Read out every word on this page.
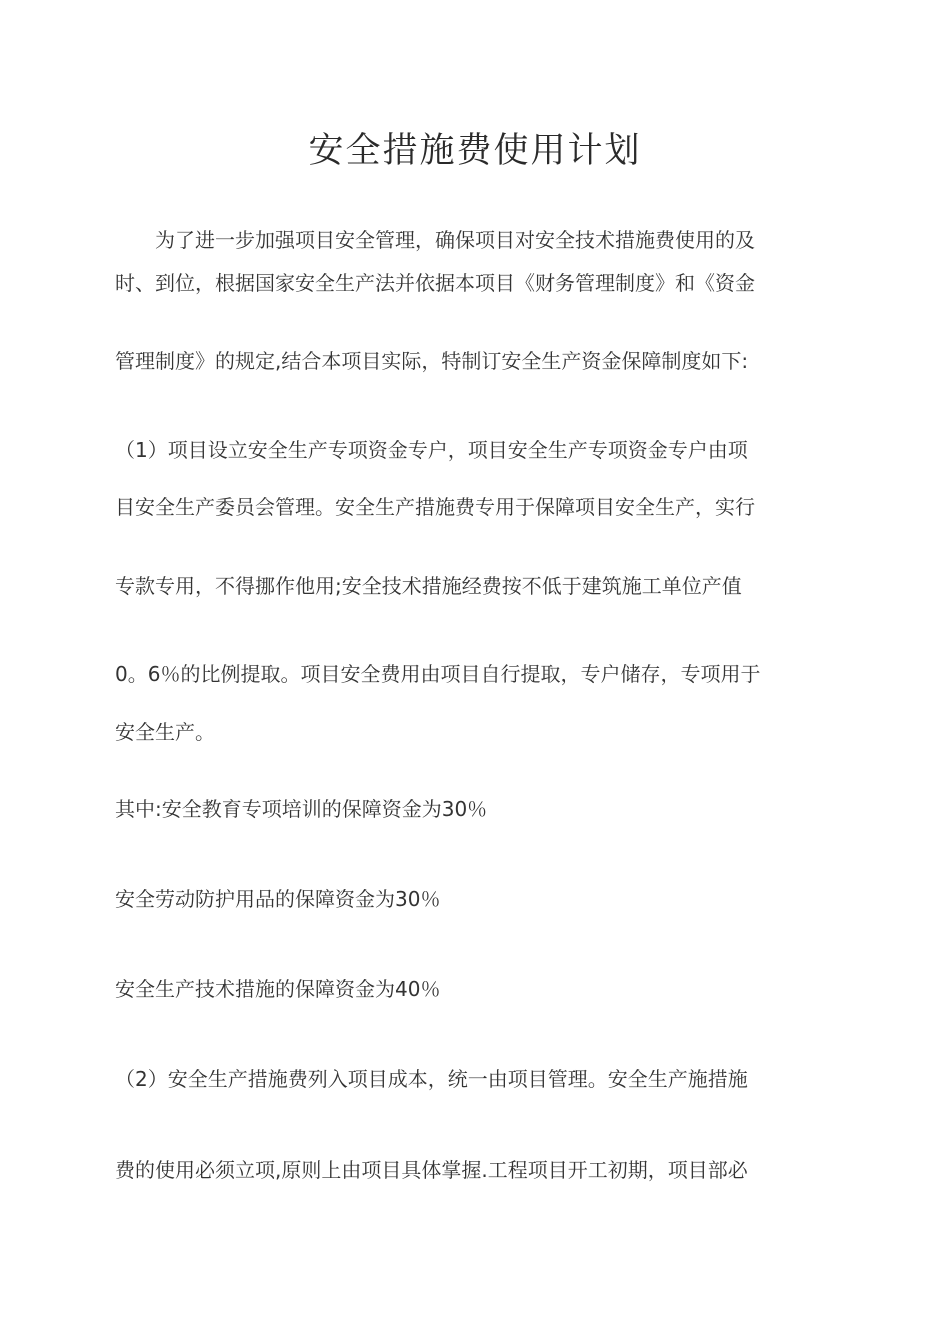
安全措施费使用计划
　　为了进一步加强项目安全管理，确保项目对安全技术措施费使用的及
时、到位，根据国家安全生产法并依据本项目《财务管理制度》和《资金
管理制度》的规定,结合本项目实际，特制订安全生产资金保障制度如下:
（1）项目设立安全生产专项资金专户，项目安全生产专项资金专户由项
目安全生产委员会管理。安全生产措施费专用于保障项目安全生产，实行
专款专用，不得挪作他用;安全技术措施经费按不低于建筑施工单位产值
0。6％的比例提取。项目安全费用由项目自行提取，专户储存，专项用于
安全生产。
其中:安全教育专项培训的保障资金为30％
安全劳动防护用品的保障资金为30％
安全生产技术措施的保障资金为40％
（2）安全生产措施费列入项目成本，统一由项目管理。安全生产施措施
费的使用必须立项,原则上由项目具体掌握.工程项目开工初期，项目部必
